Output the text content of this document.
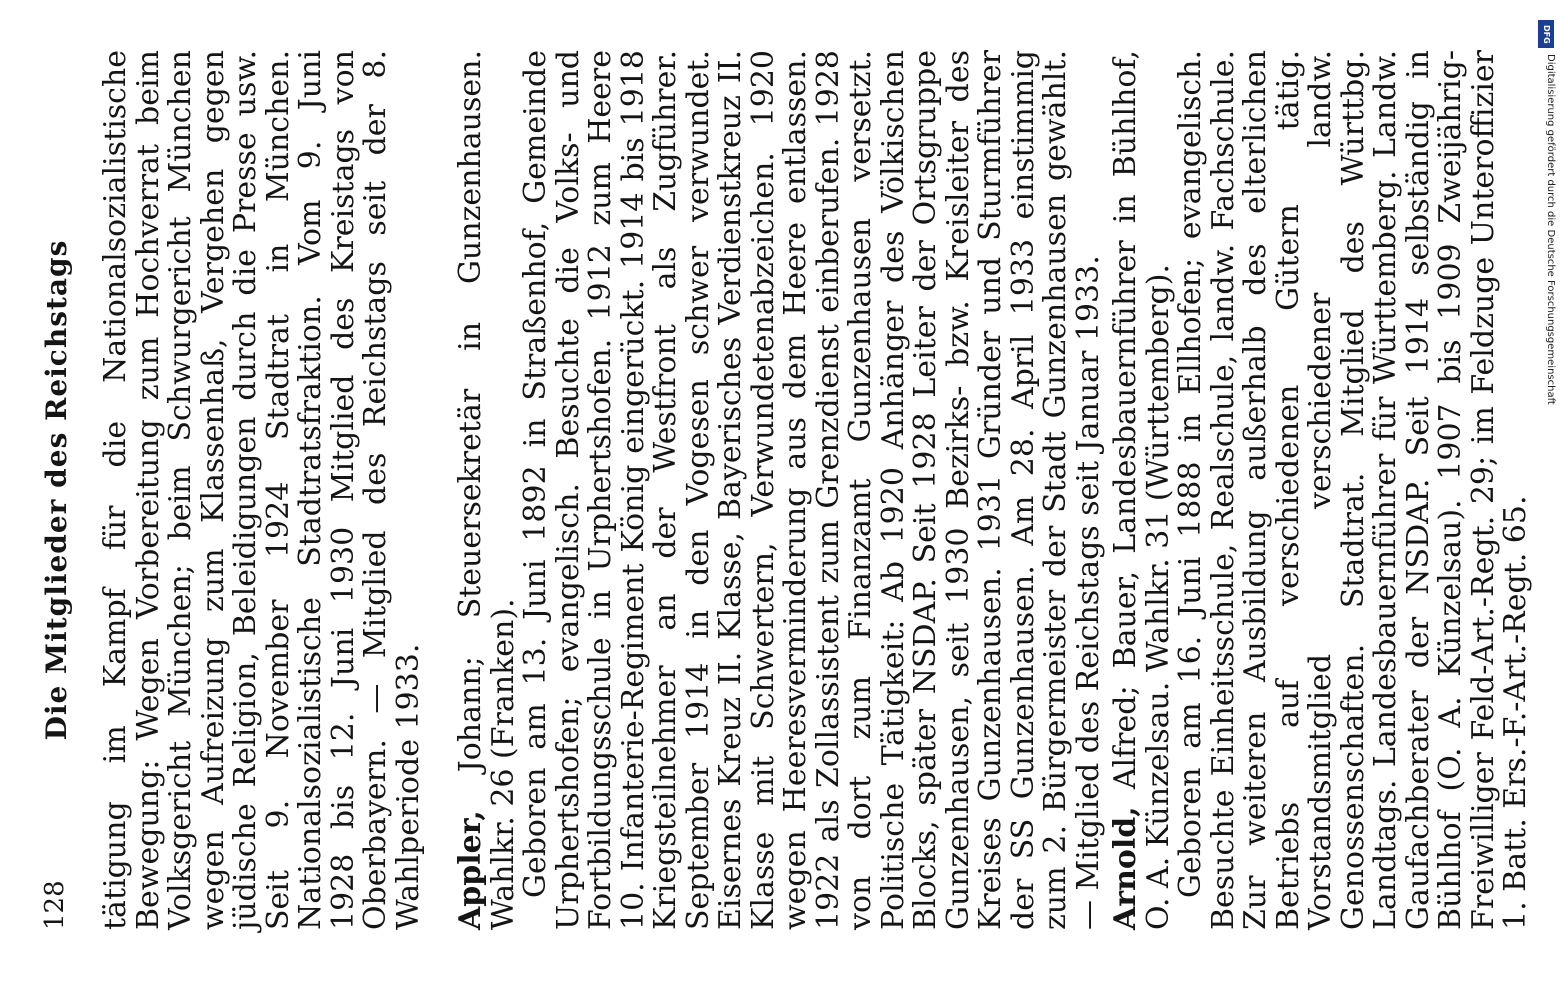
128
Die Mitglieder des Reichstags tätigung im Kampf für die Nationalsozialistische Bewegung: Wegen Vorbereitung zum Hochverrat beim Volksgericht München; beim Schwurgericht München wegen Aufreizung zum Klassenhaß, Vergehen gegen jüdische Religion, Beleidigungen durch die Presse usw. Seit 9. November 1924 Stadtrat in München. Nationalsozialistische Stadtratsfraktion. Vom 9. Juni 1928 bis 12. Juni 1930 Mitglied des Kreistags von Oberbayern. — Mitglied des Reichstags seit der 8. Wahlperiode 1933. Appler, Johann; Steuersekretär in Gunzenhausen. Wahlkr. 26 (Franken).

Geboren am 13. Juni 1892 in Straßenhof, Gemeinde Urphertshofen; evangelisch. Besuchte die Volks- und Fortbildungsschule in Urphertshofen. 1912 zum Heere 10. Infanterie-Regiment König eingerückt. 1914 bis 1918 Kriegsteilnehmer an der Westfront als Zugführer. September 1914 in den Vogesen schwer verwundet. Eisernes Kreuz II. Klasse, Bayerisches Verdienstkreuz II. Klasse mit Schwertern, Verwundetenabzeichen. 1920 wegen Heeresverminderung aus dem Heere entlassen. 1922 als Zollassistent zum Grenzdienst einberufen. 1928 von dort zum Finanzamt Gunzenhausen versetzt. Politische Tätigkeit: Ab 1920 Anhänger des Völkischen Blocks, später NSDAP. Seit 1928 Leiter der Ortsgruppe Gunzenhausen, seit 1930 Bezirks- bzw. Kreisleiter des Kreises Gunzenhausen. 1931 Gründer und Sturmführer der SS Gunzenhausen. Am 28. April 1933 einstimmig zum 2. Bürgermeister der Stadt Gunzenhausen gewählt. — Mitglied des Reichstags seit Januar 1933. Arnold, Alfred; Bauer, Landesbauernführer in Bühlhof, O. A. Künzelsau. Wahlkr. 31 (Württemberg).

Geboren am 16. Juni 1888 in Ellhofen; evangelisch. Besuchte Einheitsschule, Realschule, landw. Fachschule. Zur weiteren Ausbildung außerhalb des elterlichen Betriebs auf verschiedenen Gütern tätig. Vorstandsmitglied verschiedener landw. Genossenschaften. Stadtrat. Mitglied des Württbg. Landtags. Landesbauernführer für Württemberg. Landw. Gaufachberater der NSDAP. Seit 1914 selbständig in Bühlhof (O. A. Künzelsau). 1907 bis 1909 Zweijährig-Freiwilliger Feld-Art.-Regt. 29; im Feldzuge Unteroffizier 1. Batt. Ers.-F.-Art.-Regt. 65.

DFG
Digitalisierung gefördert durch die Deutsche Forschungsgemeinschaft
